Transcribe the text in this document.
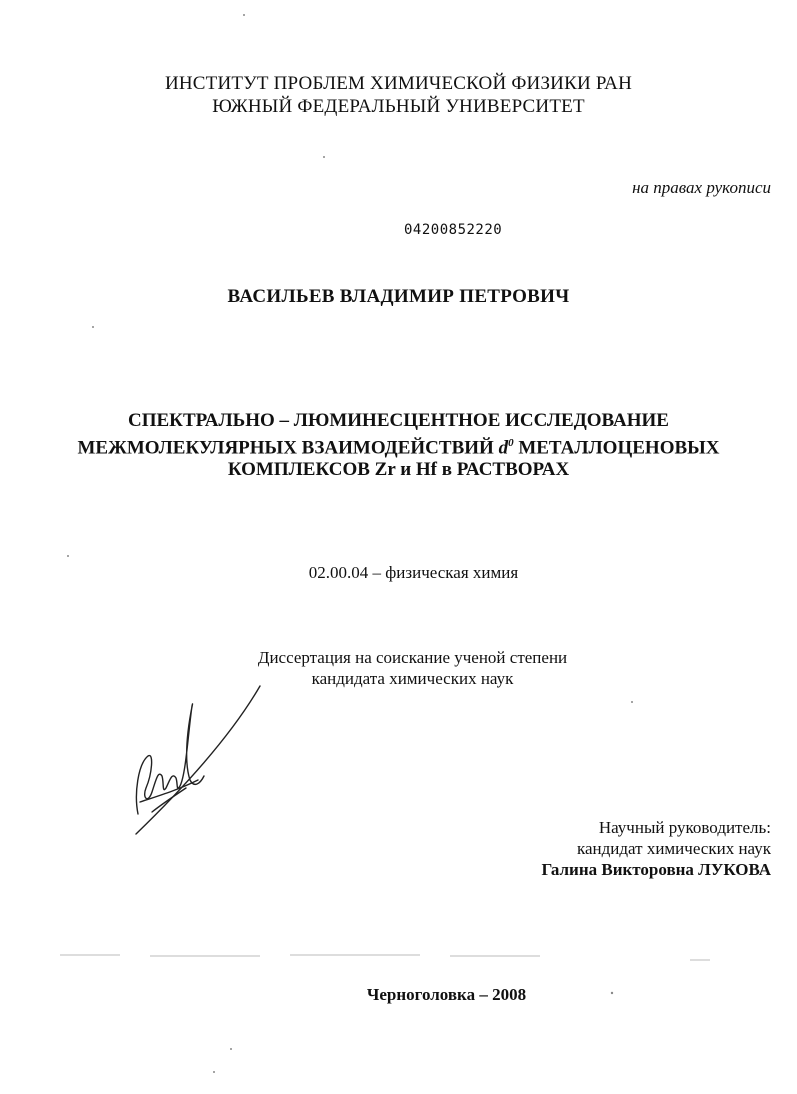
ИНСТИТУТ ПРОБЛЕМ ХИМИЧЕСКОЙ ФИЗИКИ РАН
ЮЖНЫЙ ФЕДЕРАЛЬНЫЙ УНИВЕРСИТЕТ
на правах рукописи
04200852220
ВАСИЛЬЕВ ВЛАДИМИР ПЕТРОВИЧ
СПЕКТРАЛЬНО – ЛЮМИНЕСЦЕНТНОЕ ИССЛЕДОВАНИЕ
МЕЖМОЛЕКУЛЯРНЫХ ВЗАИМОДЕЙСТВИЙ $d^0$ МЕТАЛЛОЦЕНОВЫХ
КОМПЛЕКСОВ Zr и Hf в РАСТВОРАХ
02.00.04 – физическая химия
Диссертация на соискание ученой степени
кандидата химических наук
Научный руководитель:
кандидат химических наук
Галина Викторовна ЛУКОВА
Черноголовка – 2008
